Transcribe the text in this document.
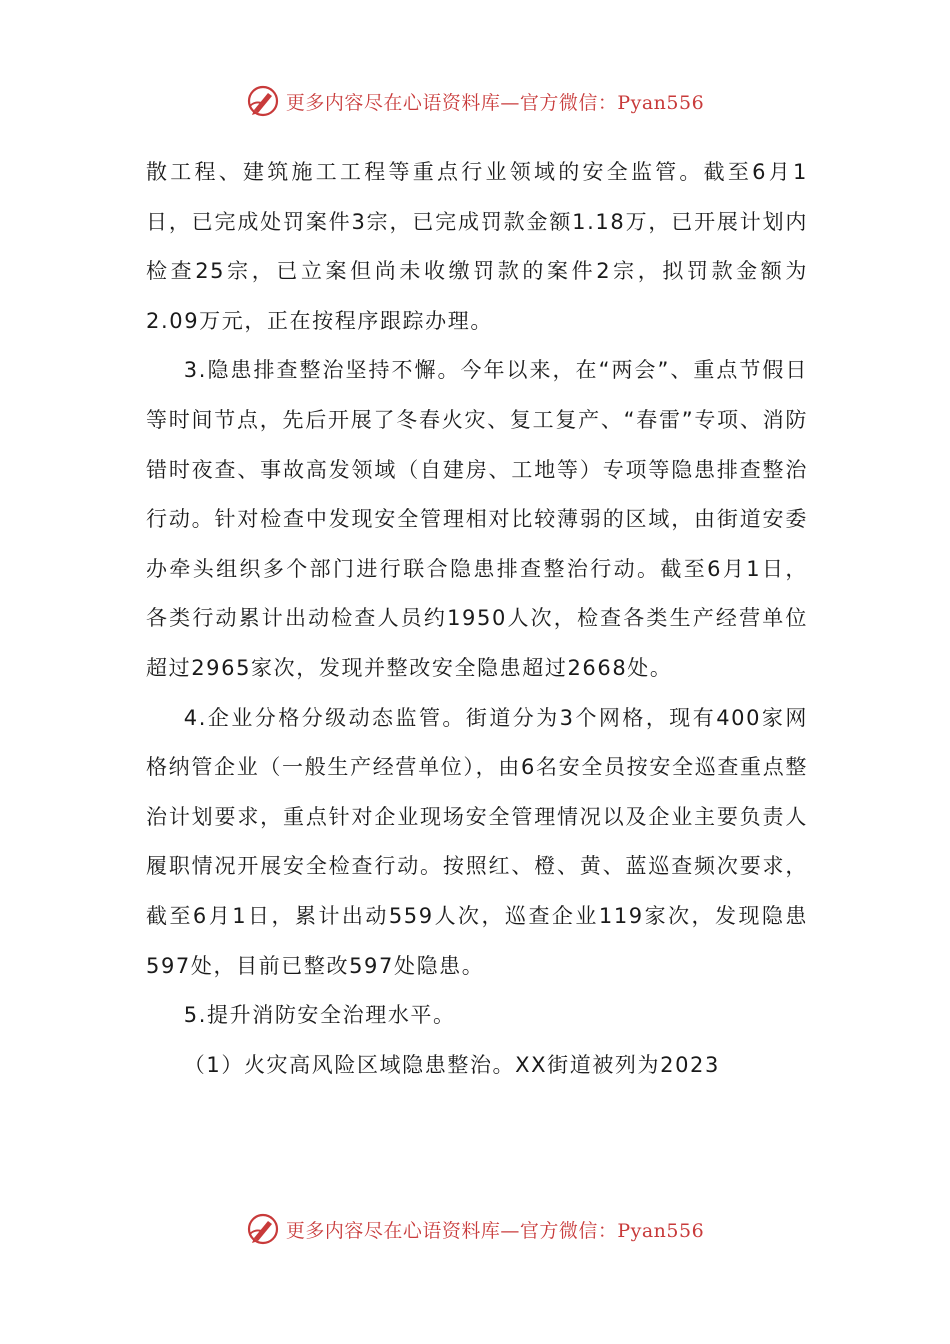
更多内容尽在心语资料库—官方微信：Pyan556

散工程、建筑施工工程等重点行业领域的安全监管。截至6月1日，已完成处罚案件3宗，已完成罚款金额1.18万，已开展计划内检查25宗，已立案但尚未收缴罚款的案件2宗，拟罚款金额为2.09万元，正在按程序跟踪办理。

3.隐患排查整治坚持不懈。今年以来，在“两会”、重点节假日等时间节点，先后开展了冬春火灾、复工复产、“春雷”专项、消防错时夜查、事故高发领域（自建房、工地等）专项等隐患排查整治行动。针对检查中发现安全管理相对比较薄弱的区域，由街道安委办牵头组织多个部门进行联合隐患排查整治行动。截至6月1日，各类行动累计出动检查人员约1950人次，检查各类生产经营单位超过2965家次，发现并整改安全隐患超过2668处。

4.企业分格分级动态监管。街道分为3个网格，现有400家网格纳管企业（一般生产经营单位），由6名安全员按安全巡查重点整治计划要求，重点针对企业现场安全管理情况以及企业主要负责人履职情况开展安全检查行动。按照红、橙、黄、蓝巡查频次要求，截至6月1日，累计出动559人次，巡查企业119家次，发现隐患597处，目前已整改597处隐患。

5.提升消防安全治理水平。

（1）火灾高风险区域隐患整治。XX街道被列为2023

更多内容尽在心语资料库—官方微信：Pyan556
